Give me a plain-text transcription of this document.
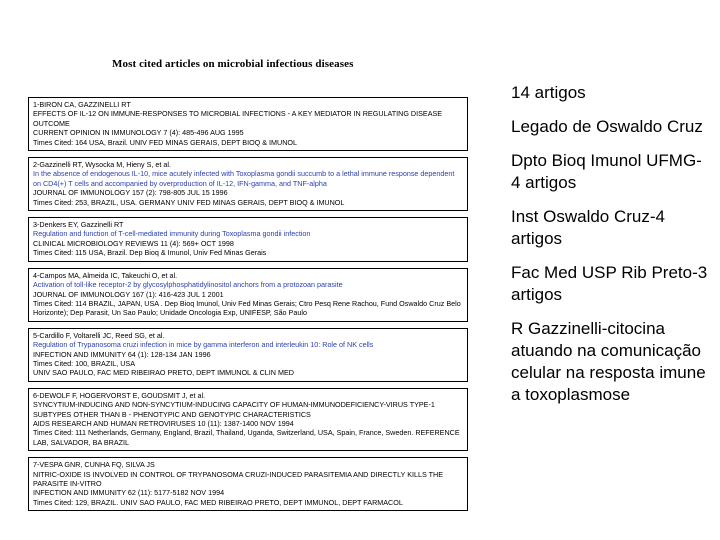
Most cited articles on microbial infectious diseases
1-BIRON CA, GAZZINELLI RT
EFFECTS OF IL-12 ON IMMUNE-RESPONSES TO MICROBIAL INFECTIONS - A KEY MEDIATOR IN REGULATING DISEASE OUTCOME
CURRENT OPINION IN IMMUNOLOGY 7 (4): 485-496 AUG 1995
Times Cited: 164 USA, Brazil. UNIV FED MINAS GERAIS, DEPT BIOQ & IMUNOL
2-Gazzinelli RT, Wysocka M, Hieny S, et al.
In the absence of endogenous IL-10, mice acutely infected with Toxoplasma gondii succumb to a lethal immune response dependent on CD4(+) T cells and accompanied by overproduction of IL-12, IFN-gamma, and TNF-alpha
JOURNAL OF IMMUNOLOGY 157 (2): 798-805 JUL 15 1996
Times Cited: 253, BRAZIL, USA. GERMANY UNIV FED MINAS GERAIS, DEPT BIOQ & IMUNOL
3-Denkers EY, Gazzinelli RT
Regulation and function of T-cell-mediated immunity during Toxoplasma gondii infection
CLINICAL MICROBIOLOGY REVIEWS 11 (4): 569+ OCT 1998
Times Cited: 115 USA, Brazil. Dep Bioq & Imunol, Univ Fed Minas Gerais
4-Campos MA, Almeida IC, Takeuchi O, et al.
Activation of toll-like receptor-2 by glycosylphosphatidylinositol anchors from a protozoan parasite
JOURNAL OF IMMUNOLOGY 167 (1): 416-423 JUL 1 2001
Times Cited: 114 BRAZIL, JAPAN, USA . Dep Bioq Imunol, Univ Fed Minas Gerais; Ctro Pesq Rene Rachou, Fund Oswaldo Cruz Belo Horizonte); Dep Parasit, Un Sao Paulo; Unidade Oncologia Exp, UNIFESP, São Paulo
5-Cardillo F, Voltarelli JC, Reed SG, et al.
Regulation of Trypanosoma cruzi infection in mice by gamma interferon and interleukin 10: Role of NK cells
INFECTION AND IMMUNITY 64 (1): 128-134 JAN 1996
Times Cited: 100, BRAZIL, USA
UNIV SAO PAULO, FAC MED RIBEIRAO PRETO, DEPT IMMUNOL & CLIN MED
6-DEWOLF F, HOGERVORST E, GOUDSMIT J, et al.
SYNCYTIUM-INDUCING AND NON-SYNCYTIUM-INDUCING CAPACITY OF HUMAN-IMMUNODEFICIENCY-VIRUS TYPE-1 SUBTYPES OTHER THAN B - PHENOTYPIC AND GENOTYPIC CHARACTERISTICS
AIDS RESEARCH AND HUMAN RETROVIRUSES 10 (11): 1387-1400 NOV 1994
Times Cited: 111 Netherlands, Germany, England, Brazil, Thailand, Uganda, Switzerland, USA, Spain, France, Sweden. REFERENCE LAB, SALVADOR, BA BRAZIL
7-VESPA GNR, CUNHA FQ, SILVA JS
NITRIC-OXIDE IS INVOLVED IN CONTROL OF TRYPANOSOMA CRUZI-INDUCED PARASITEMIA AND DIRECTLY KILLS THE PARASITE IN-VITRO
INFECTION AND IMMUNITY 62 (11): 5177-5182 NOV 1994
Times Cited: 129, BRAZIL. UNIV SAO PAULO, FAC MED RIBEIRAO PRETO, DEPT IMMUNOL, DEPT FARMACOL
14 artigos
Legado de Oswaldo Cruz
Dpto Bioq Imunol UFMG-4 artigos
Inst Oswaldo Cruz-4 artigos
Fac Med USP Rib Preto-3 artigos
R Gazzinelli-citocina atuando na comunicação celular na resposta imune a toxoplasmose
